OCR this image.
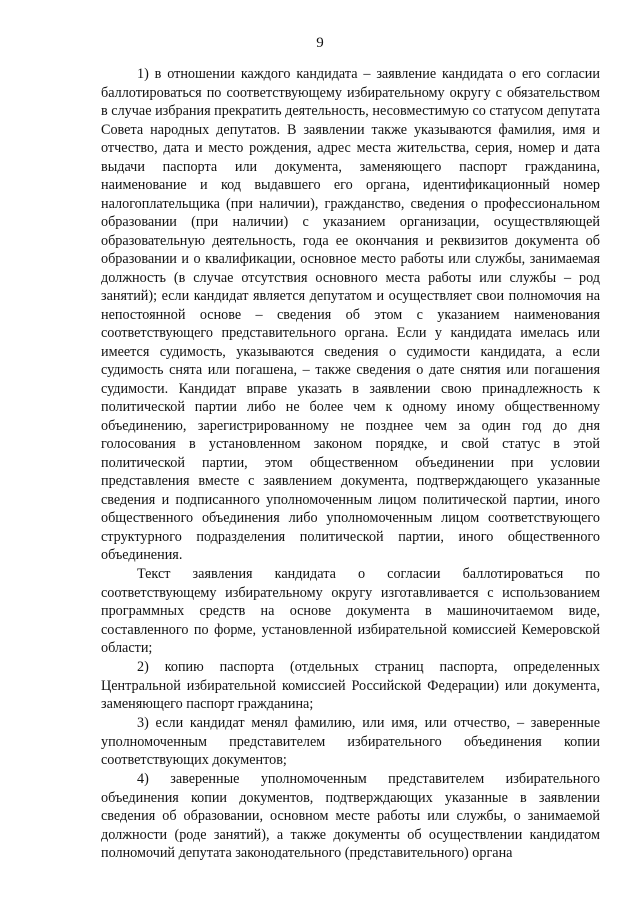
9

1) в отношении каждого кандидата – заявление кандидата о его согласии баллотироваться по соответствующему избирательному округу с обязательством в случае избрания прекратить деятельность, несовместимую со статусом депутата Совета народных депутатов. В заявлении также указываются фамилия, имя и отчество, дата и место рождения, адрес места жительства, серия, номер и дата выдачи паспорта или документа, заменяющего паспорт гражданина, наименование и код выдавшего его органа, идентификационный номер налогоплательщика (при наличии), гражданство, сведения о профессиональном образовании (при наличии) с указанием организации, осуществляющей образовательную деятельность, года ее окончания и реквизитов документа об образовании и о квалификации, основное место работы или службы, занимаемая должность (в случае отсутствия основного места работы или службы – род занятий); если кандидат является депутатом и осуществляет свои полномочия на непостоянной основе – сведения об этом с указанием наименования соответствующего представительного органа. Если у кандидата имелась или имеется судимость, указываются сведения о судимости кандидата, а если судимость снята или погашена, – также сведения о дате снятия или погашения судимости. Кандидат вправе указать в заявлении свою принадлежность к политической партии либо не более чем к одному иному общественному объединению, зарегистрированному не позднее чем за один год до дня голосования в установленном законом порядке, и свой статус в этой политической партии, этом общественном объединении при условии представления вместе с заявлением документа, подтверждающего указанные сведения и подписанного уполномоченным лицом политической партии, иного общественного объединения либо уполномоченным лицом соответствующего структурного подразделения политической партии, иного общественного объединения.

Текст заявления кандидата о согласии баллотироваться по соответствующему избирательному округу изготавливается с использованием программных средств на основе документа в машиночитаемом виде, составленного по форме, установленной избирательной комиссией Кемеровской области;

2) копию паспорта (отдельных страниц паспорта, определенных Центральной избирательной комиссией Российской Федерации) или документа, заменяющего паспорт гражданина;

3) если кандидат менял фамилию, или имя, или отчество, – заверенные уполномоченным представителем избирательного объединения копии соответствующих документов;

4) заверенные уполномоченным представителем избирательного объединения копии документов, подтверждающих указанные в заявлении сведения об образовании, основном месте работы или службы, о занимаемой должности (роде занятий), а также документы об осуществлении кандидатом полномочий депутата законодательного (представительного) органа
